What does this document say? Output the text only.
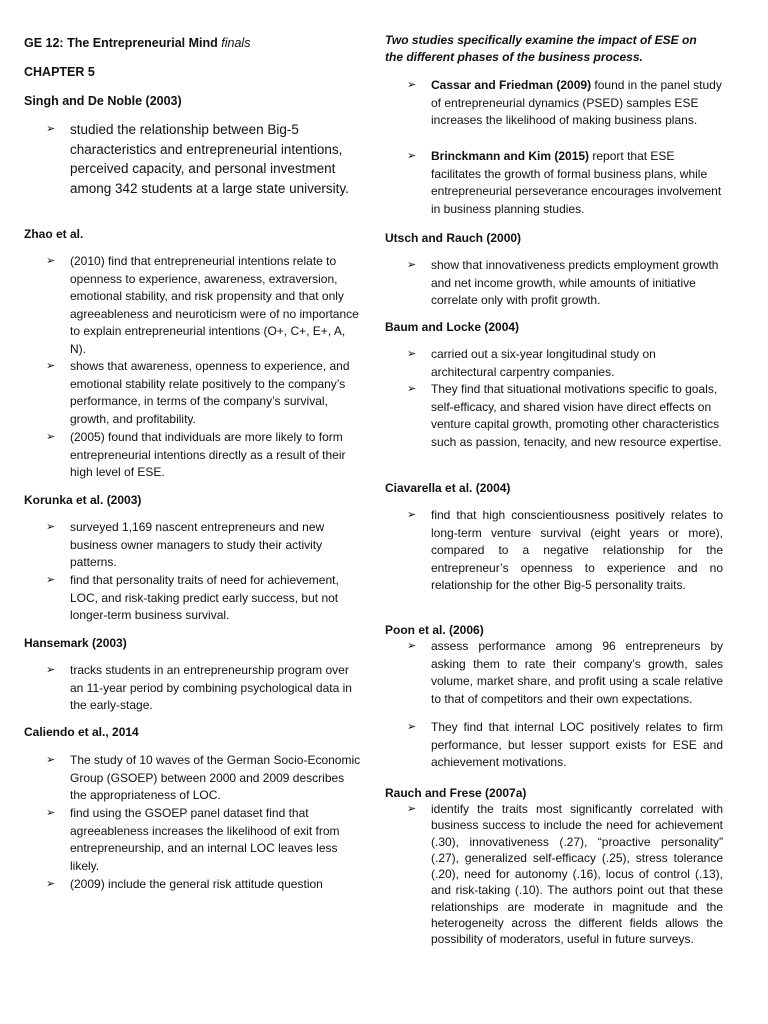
GE 12: The Entrepreneurial Mind finals
CHAPTER 5
Singh and De Noble (2003)
➢	studied the relationship between Big-5 characteristics and entrepreneurial intentions, perceived capacity, and personal investment among 342 students at a large state university.
Zhao et al.
➢	(2010) find that entrepreneurial intentions relate to openness to experience, awareness, extraversion, emotional stability, and risk propensity and that only agreeableness and neuroticism were of no importance to explain entrepreneurial intentions (O+, C+, E+, A, N).
➢	shows that awareness, openness to experience, and emotional stability relate positively to the company’s performance, in terms of the company’s survival, growth, and profitability.
➢	(2005) found that individuals are more likely to form entrepreneurial intentions directly as a result of their high level of ESE.
Korunka et al. (2003)
➢	surveyed 1,169 nascent entrepreneurs and new business owner managers to study their activity patterns.
➢	find that personality traits of need for achievement, LOC, and risk-taking predict early success, but not longer-term business survival.
Hansemark (2003)
➢	tracks students in an entrepreneurship program over an 11-year period by combining psychological data in the early-stage.
Caliendo et al., 2014
➢	The study of 10 waves of the German Socio-Economic Group (GSOEP) between 2000 and 2009 describes the appropriateness of LOC.
➢	find using the GSOEP panel dataset find that agreeableness increases the likelihood of exit from entrepreneurship, and an internal LOC leaves less likely.
➢	(2009) include the general risk attitude question
Two studies specifically examine the impact of ESE on the different phases of the business process.
➢	Cassar and Friedman (2009) found in the panel study of entrepreneurial dynamics (PSED) samples ESE increases the likelihood of making business plans.
➢	Brinckmann and Kim (2015) report that ESE facilitates the growth of formal business plans, while entrepreneurial perseverance encourages involvement in business planning studies.
Utsch and Rauch (2000)
➢	show that innovativeness predicts employment growth and net income growth, while amounts of initiative correlate only with profit growth.
Baum and Locke (2004)
➢	carried out a six-year longitudinal study on architectural carpentry companies.
➢	They find that situational motivations specific to goals, self-efficacy, and shared vision have direct effects on venture capital growth, promoting other characteristics such as passion, tenacity, and new resource expertise.
Ciavarella et al. (2004)
➢	find that high conscientiousness positively relates to long-term venture survival (eight years or more), compared to a negative relationship for the entrepreneur’s openness to experience and no relationship for the other Big-5 personality traits.
Poon et al. (2006)
➢	assess performance among 96 entrepreneurs by asking them to rate their company’s growth, sales volume, market share, and profit using a scale relative to that of competitors and their own expectations.
➢	They find that internal LOC positively relates to firm performance, but lesser support exists for ESE and achievement motivations.
Rauch and Frese (2007a)
➢	identify the traits most significantly correlated with business success to include the need for achievement (.30), innovativeness (.27), “proactive personality” (.27), generalized self-efficacy (.25), stress tolerance (.20), need for autonomy (.16), locus of control (.13), and risk-taking (.10). The authors point out that these relationships are moderate in magnitude and the heterogeneity across the different fields allows the possibility of moderators, useful in future surveys.
